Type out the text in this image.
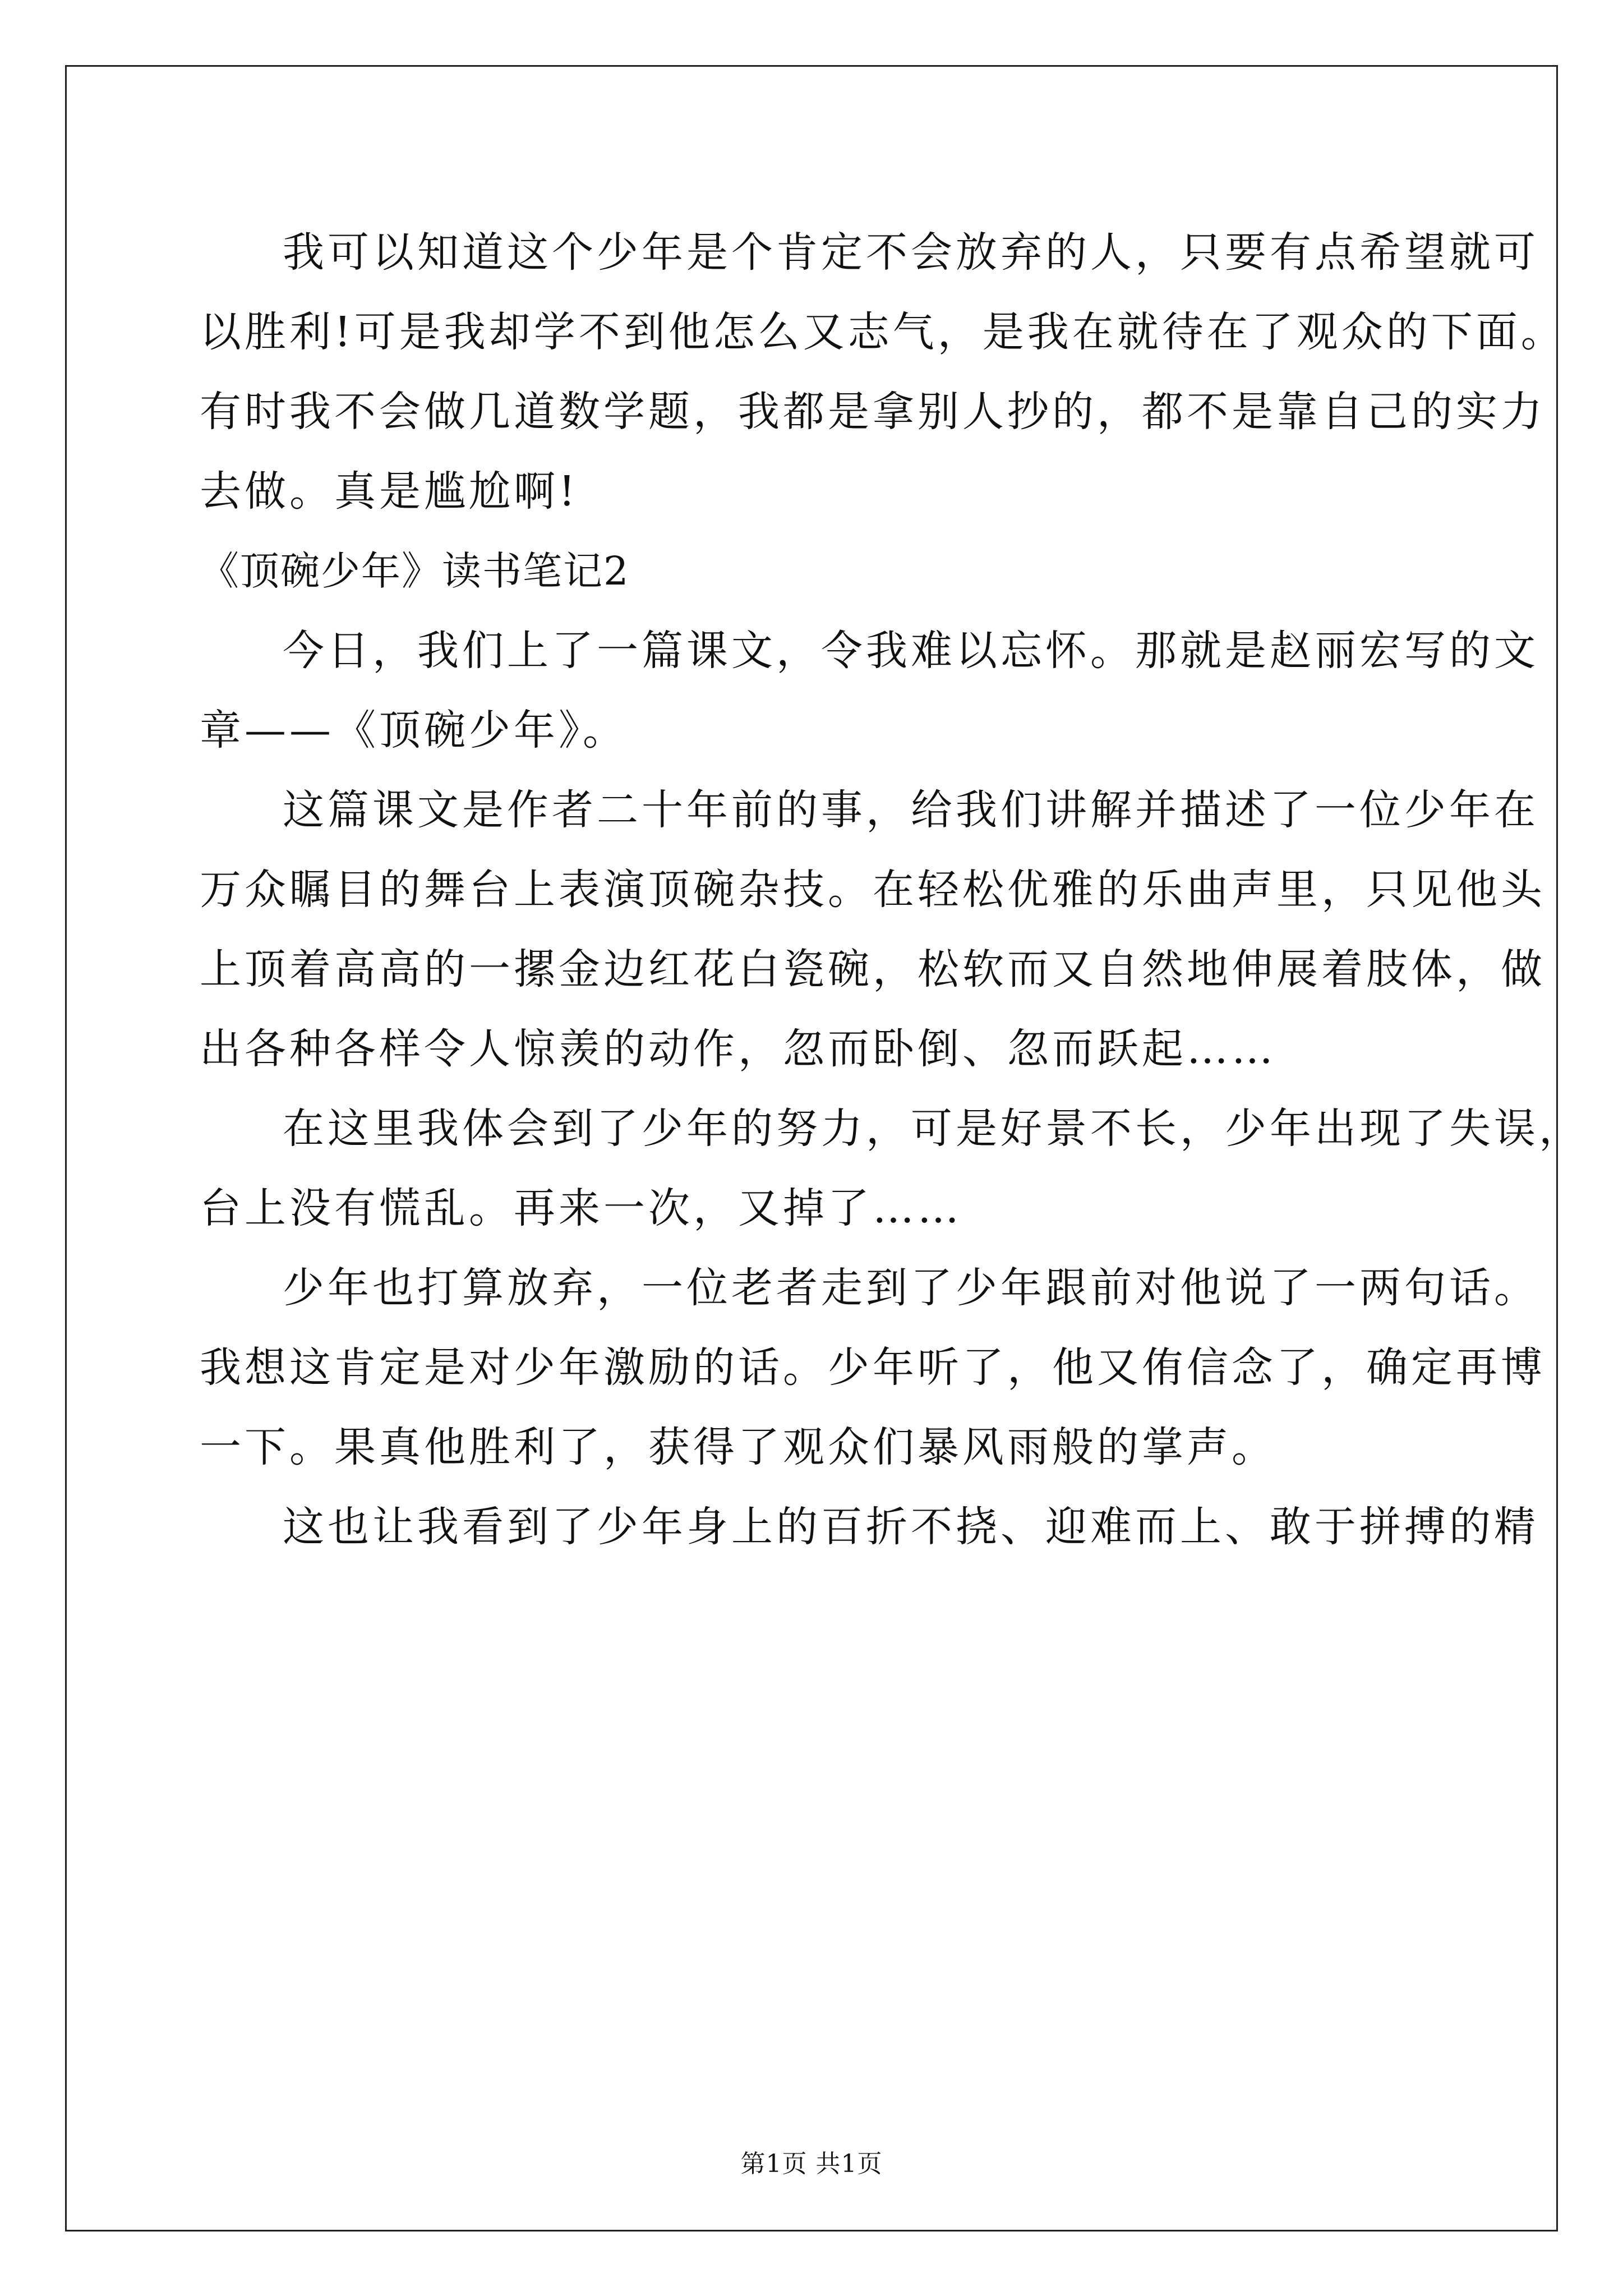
我可以知道这个少年是个肯定不会放弃的人，只要有点希望就可
以胜利!可是我却学不到他怎么又志气，是我在就待在了观众的下面。
有时我不会做几道数学题，我都是拿别人抄的，都不是靠自己的实力
去做。真是尴尬啊!
《顶碗少年》读书笔记2
今日，我们上了一篇课文，令我难以忘怀。那就是赵丽宏写的文
章——《顶碗少年》。
这篇课文是作者二十年前的事，给我们讲解并描述了一位少年在
万众瞩目的舞台上表演顶碗杂技。在轻松优雅的乐曲声里，只见他头
上顶着高高的一摞金边红花白瓷碗，松软而又自然地伸展着肢体，做
出各种各样令人惊羡的动作，忽而卧倒、忽而跃起……
在这里我体会到了少年的努力，可是好景不长，少年出现了失误，
台上没有慌乱。再来一次，又掉了……
少年也打算放弃，一位老者走到了少年跟前对他说了一两句话。
我想这肯定是对少年激励的话。少年听了，他又侑信念了，确定再博
一下。果真他胜利了，获得了观众们暴风雨般的掌声。
这也让我看到了少年身上的百折不挠、迎难而上、敢于拼搏的精
第1页 共1页
